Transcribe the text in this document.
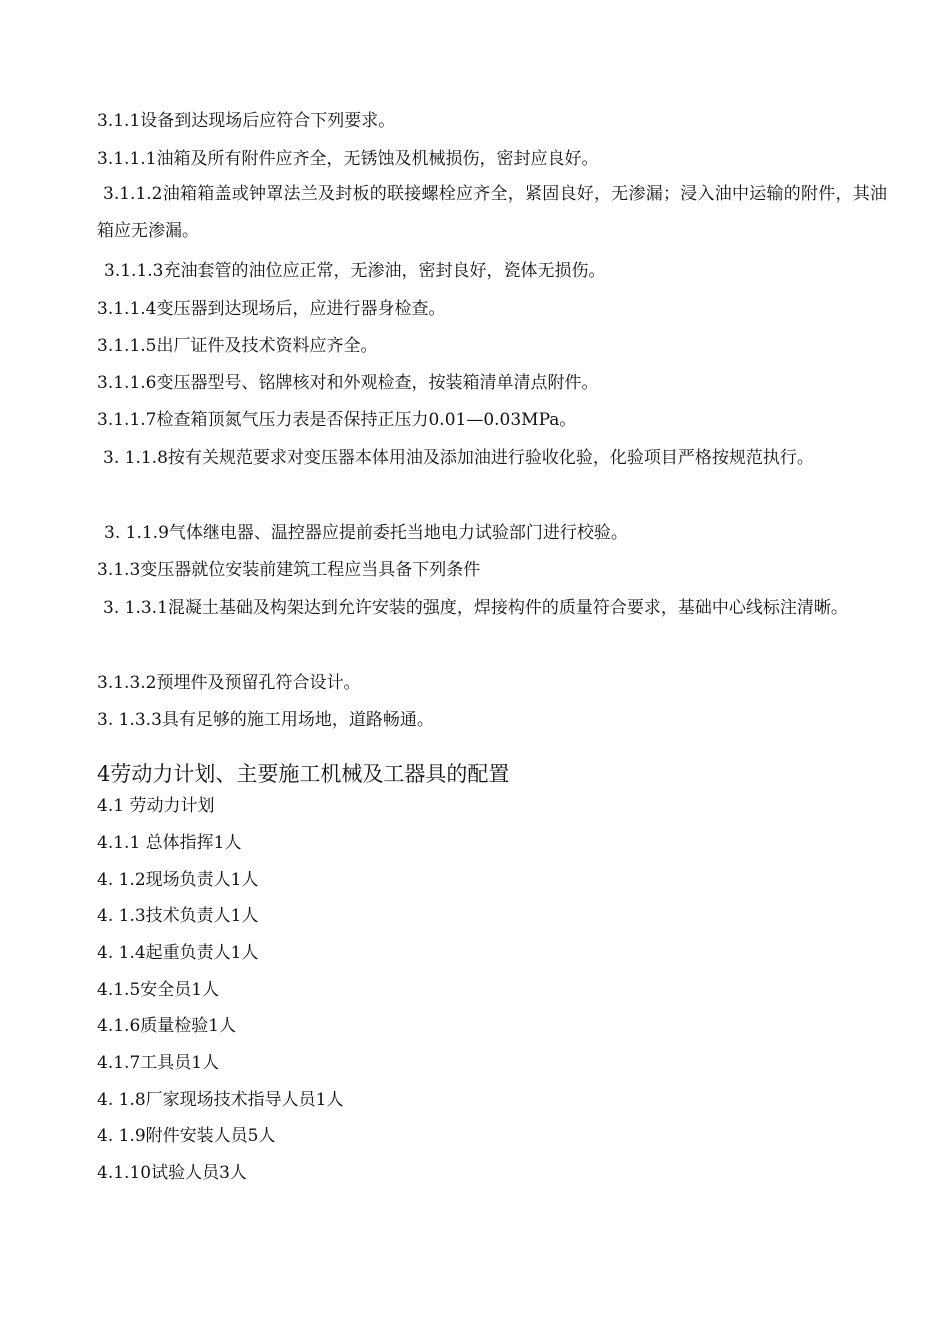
3.1.1设备到达现场后应符合下列要求。
3.1.1.1油箱及所有附件应齐全，无锈蚀及机械损伤，密封应良好。
3.1.1.2油箱箱盖或钟罩法兰及封板的联接螺栓应齐全，紧固良好，无渗漏；浸入油中运输的附件，其油箱应无渗漏。
3.1.1.3充油套管的油位应正常，无渗油，密封良好，瓷体无损伤。
3.1.1.4变压器到达现场后，应进行器身检查。
3.1.1.5出厂证件及技术资料应齐全。
3.1.1.6变压器型号、铭牌核对和外观检查，按装箱清单清点附件。
3.1.1.7检查箱顶氮气压力表是否保持正压力0.01—0.03MPa。
3. 1.1.8按有关规范要求对变压器本体用油及添加油进行验收化验，化验项目严格按规范执行。
3. 1.1.9气体继电器、温控器应提前委托当地电力试验部门进行校验。
3.1.3变压器就位安装前建筑工程应当具备下列条件
3. 1.3.1混凝土基础及构架达到允许安装的强度，焊接构件的质量符合要求，基础中心线标注清晰。
3.1.3.2预埋件及预留孔符合设计。
3. 1.3.3具有足够的施工用场地，道路畅通。
4劳动力计划、主要施工机械及工器具的配置
4.1 劳动力计划
4.1.1 总体指挥1人
4. 1.2现场负责人1人
4. 1.3技术负责人1人
4. 1.4起重负责人1人
4.1.5安全员1人
4.1.6质量检验1人
4.1.7工具员1人
4. 1.8厂家现场技术指导人员1人
4. 1.9附件安装人员5人
4.1.10试验人员3人
